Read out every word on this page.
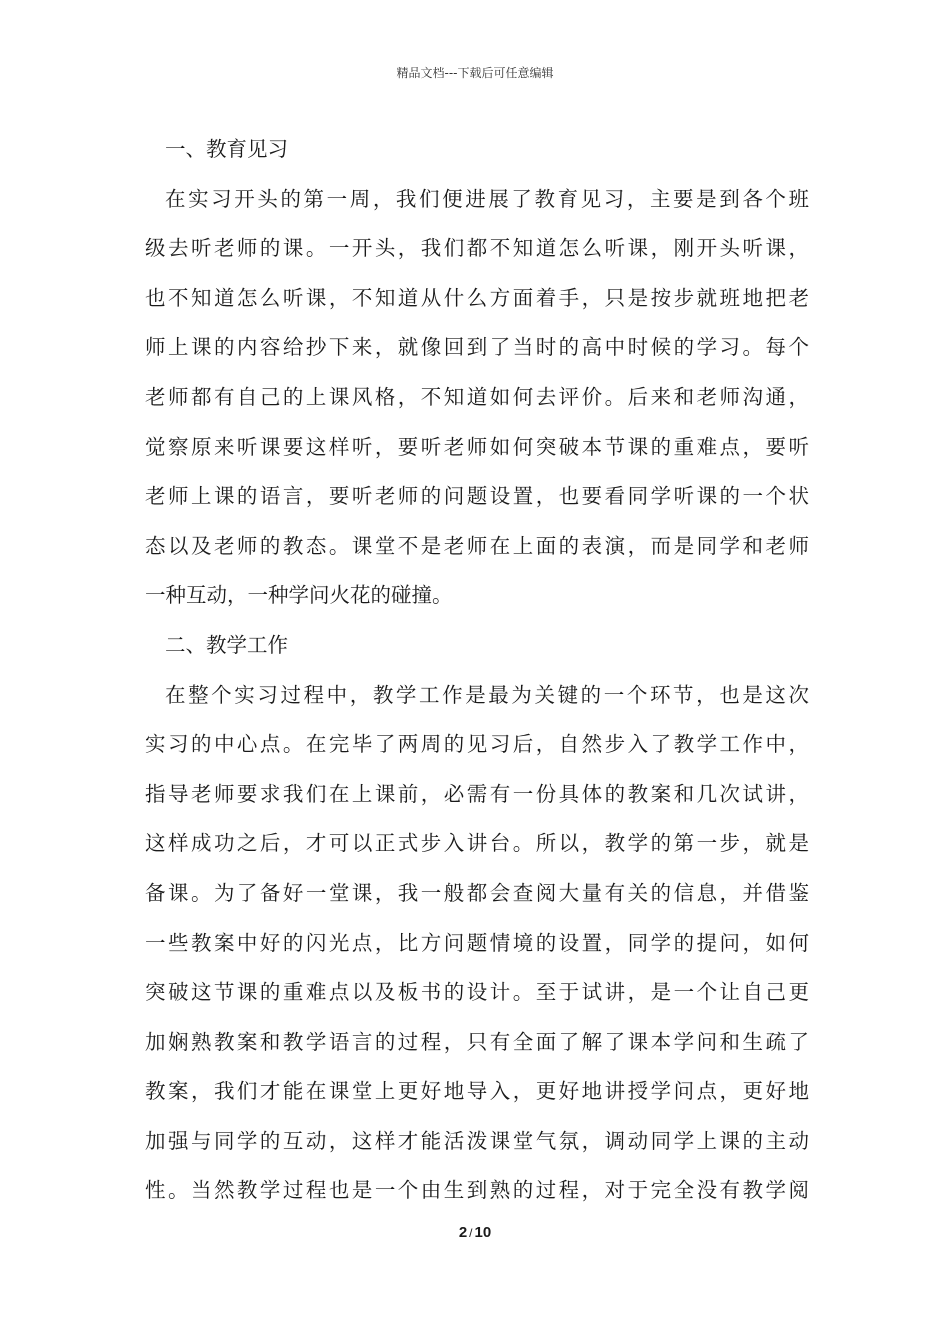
精品文档---下载后可任意编辑
一、教育见习
在实习开头的第一周，我们便进展了教育见习，主要是到各个班
级去听老师的课。一开头，我们都不知道怎么听课，刚开头听课，
也不知道怎么听课，不知道从什么方面着手，只是按步就班地把老
师上课的内容给抄下来，就像回到了当时的高中时候的学习。每个
老师都有自己的上课风格，不知道如何去评价。后来和老师沟通，
觉察原来听课要这样听，要听老师如何突破本节课的重难点，要听
老师上课的语言，要听老师的问题设置，也要看同学听课的一个状
态以及老师的教态。课堂不是老师在上面的表演，而是同学和老师
一种互动，一种学问火花的碰撞。
二、教学工作
在整个实习过程中，教学工作是最为关键的一个环节，也是这次
实习的中心点。在完毕了两周的见习后，自然步入了教学工作中，
指导老师要求我们在上课前，必需有一份具体的教案和几次试讲，
这样成功之后，才可以正式步入讲台。所以，教学的第一步，就是
备课。为了备好一堂课，我一般都会查阅大量有关的信息，并借鉴
一些教案中好的闪光点，比方问题情境的设置，同学的提问，如何
突破这节课的重难点以及板书的设计。至于试讲，是一个让自己更
加娴熟教案和教学语言的过程，只有全面了解了课本学问和生疏了
教案，我们才能在课堂上更好地导入，更好地讲授学问点，更好地
加强与同学的互动，这样才能活泼课堂气氛，调动同学上课的主动
性。当然教学过程也是一个由生到熟的过程，对于完全没有教学阅
2 / 10
